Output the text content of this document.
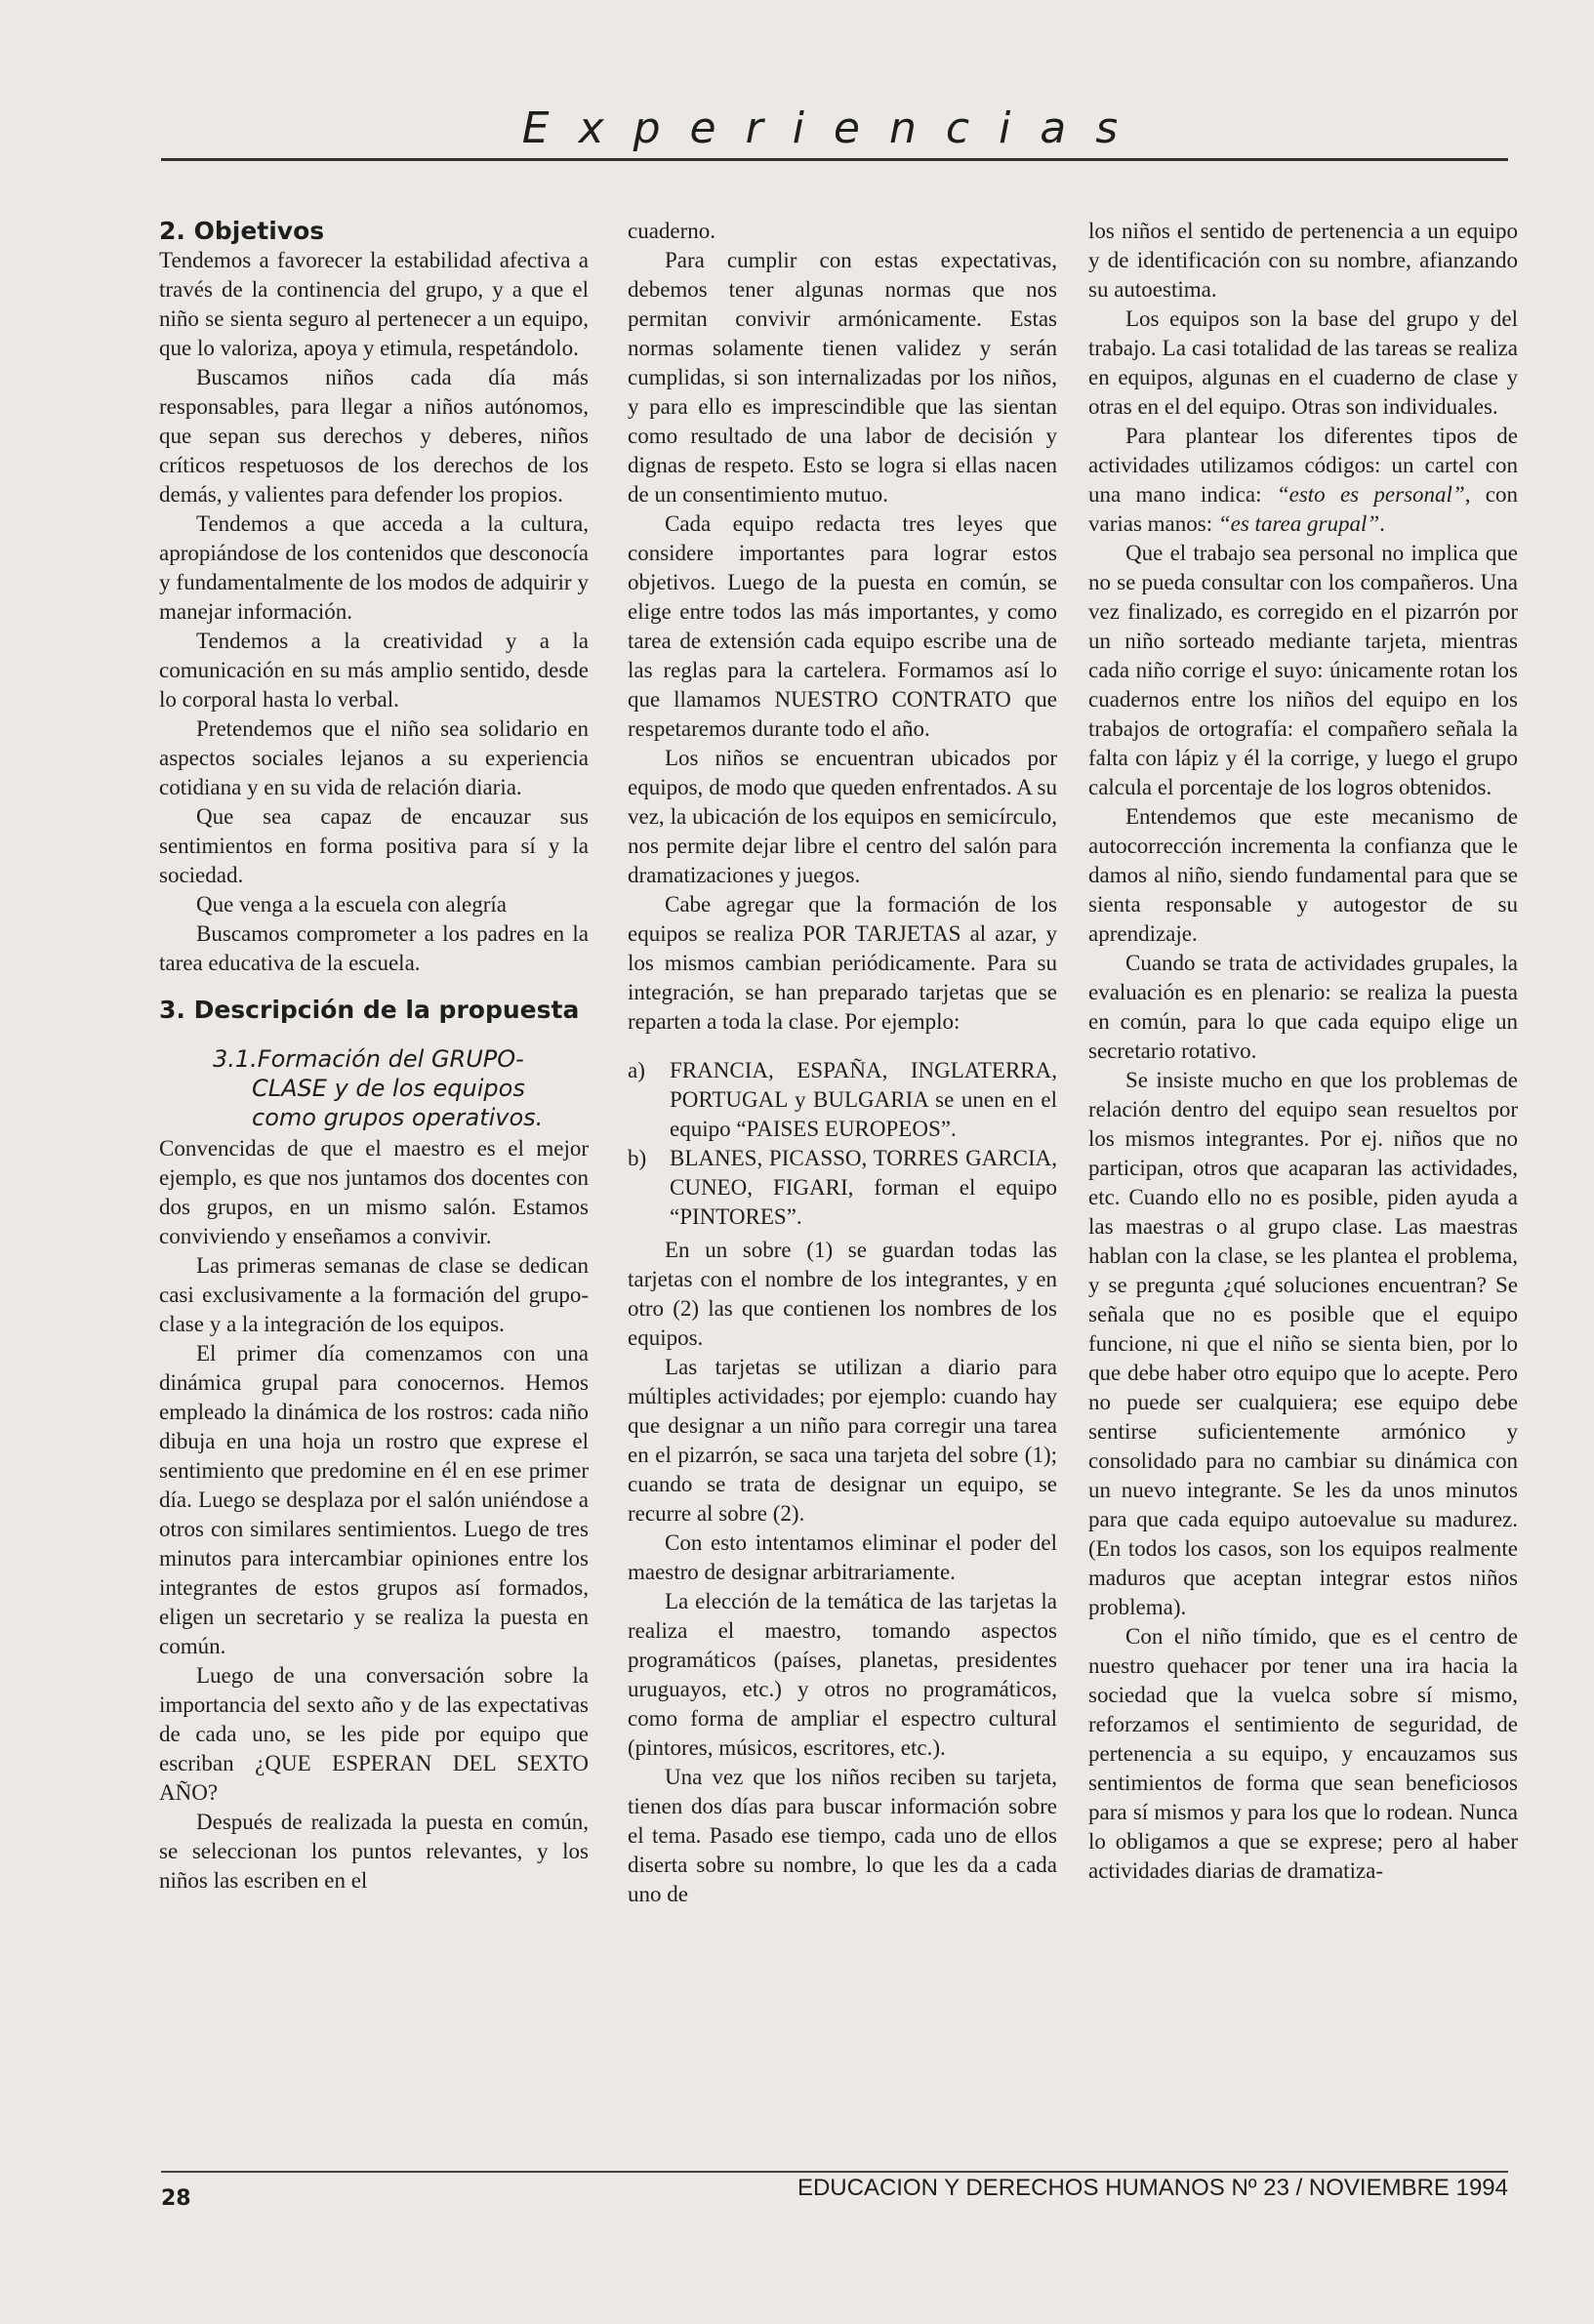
Experiencias
2. Objetivos

Tendemos a favorecer la estabilidad afectiva a través de la continencia del grupo, y a que el niño se sienta seguro al pertenecer a un equipo, que lo valoriza, apoya y etimula, respetándolo.

Buscamos niños cada día más responsables, para llegar a niños autónomos, que sepan sus derechos y deberes, niños críticos respetuosos de los derechos de los demás, y valientes para defender los propios.

Tendemos a que acceda a la cultura, apropiándose de los contenidos que desconocía y fundamentalmente de los modos de adquirir y manejar información.

Tendemos a la creatividad y a la comunicación en su más amplio sentido, desde lo corporal hasta lo verbal.

Pretendemos que el niño sea solidario en aspectos sociales lejanos a su experiencia cotidiana y en su vida de relación diaria.

Que sea capaz de encauzar sus sentimientos en forma positiva para sí y la sociedad.

Que venga a la escuela con alegría

Buscamos comprometer a los padres en la tarea educativa de la escuela.

3. Descripción de la propuesta
3.1.Formación del GRUPO-
CLASE y de los equipos
como grupos operativos.

Convencidas de que el maestro es el mejor ejemplo, es que nos juntamos dos docentes con dos grupos, en un mismo salón. Estamos conviviendo y enseñamos a convivir.

Las primeras semanas de clase se dedican casi exclusivamente a la formación del grupo-clase y a la integración de los equipos.

El primer día comenzamos con una dinámica grupal para conocernos. Hemos empleado la dinámica de los rostros: cada niño dibuja en una hoja un rostro que exprese el sentimiento que predomine en él en ese primer día. Luego se desplaza por el salón uniéndose a otros con similares sentimientos. Luego de tres minutos para intercambiar opiniones entre los integrantes de estos grupos así formados, eligen un secretario y se realiza la puesta en común.

Luego de una conversación sobre la importancia del sexto año y de las expectativas de cada uno, se les pide por equipo que escriban ¿QUE ESPERAN DEL SEXTO AÑO?

Después de realizada la puesta en común, se seleccionan los puntos relevantes, y los niños las escriben en el

cuaderno.

Para cumplir con estas expectativas, debemos tener algunas normas que nos permitan convivir armónicamente. Estas normas solamente tienen validez y serán cumplidas, si son internalizadas por los niños, y para ello es imprescindible que las sientan como resultado de una labor de decisión y dignas de respeto. Esto se logra si ellas nacen de un consentimiento mutuo.

Cada equipo redacta tres leyes que considere importantes para lograr estos objetivos. Luego de la puesta en común, se elige entre todos las más importantes, y como tarea de extensión cada equipo escribe una de las reglas para la cartelera. Formamos así lo que llamamos NUESTRO CONTRATO que respetaremos durante todo el año.

Los niños se encuentran ubicados por equipos, de modo que queden enfrentados. A su vez, la ubicación de los equipos en semicírculo, nos permite dejar libre el centro del salón para dramatizaciones y juegos.

Cabe agregar que la formación de los equipos se realiza POR TARJETAS al azar, y los mismos cambian periódicamente. Para su integración, se han preparado tarjetas que se reparten a toda la clase. Por ejemplo:

a) FRANCIA, ESPAÑA, INGLATERRA, PORTUGAL y BULGARIA se unen en el equipo “PAISES EUROPEOS”.
b) BLANES, PICASSO, TORRES GARCIA, CUNEO, FIGARI, forman el equipo “PINTORES”.

En un sobre (1) se guardan todas las tarjetas con el nombre de los integrantes, y en otro (2) las que contienen los nombres de los equipos.

Las tarjetas se utilizan a diario para múltiples actividades; por ejemplo: cuando hay que designar a un niño para corregir una tarea en el pizarrón, se saca una tarjeta del sobre (1); cuando se trata de designar un equipo, se recurre al sobre (2).

Con esto intentamos eliminar el poder del maestro de designar arbitrariamente.

La elección de la temática de las tarjetas la realiza el maestro, tomando aspectos programáticos (países, planetas, presidentes uruguayos, etc.) y otros no programáticos, como forma de ampliar el espectro cultural (pintores, músicos, escritores, etc.).

Una vez que los niños reciben su tarjeta, tienen dos días para buscar información sobre el tema. Pasado ese tiempo, cada uno de ellos diserta sobre su nombre, lo que les da a cada uno de

los niños el sentido de pertenencia a un equipo y de identificación con su nombre, afianzando su autoestima.

Los equipos son la base del grupo y del trabajo. La casi totalidad de las tareas se realiza en equipos, algunas en el cuaderno de clase y otras en el del equipo. Otras son individuales.

Para plantear los diferentes tipos de actividades utilizamos códigos: un cartel con una mano indica: “esto es personal”, con varias manos: “es tarea grupal”.

Que el trabajo sea personal no implica que no se pueda consultar con los compañeros. Una vez finalizado, es corregido en el pizarrón por un niño sorteado mediante tarjeta, mientras cada niño corrige el suyo: únicamente rotan los cuadernos entre los niños del equipo en los trabajos de ortografía: el compañero señala la falta con lápiz y él la corrige, y luego el grupo calcula el porcentaje de los logros obtenidos.

Entendemos que este mecanismo de autocorrección incrementa la confianza que le damos al niño, siendo fundamental para que se sienta responsable y autogestor de su aprendizaje.

Cuando se trata de actividades grupales, la evaluación es en plenario: se realiza la puesta en común, para lo que cada equipo elige un secretario rotativo.

Se insiste mucho en que los problemas de relación dentro del equipo sean resueltos por los mismos integrantes. Por ej. niños que no participan, otros que acaparan las actividades, etc. Cuando ello no es posible, piden ayuda a las maestras o al grupo clase. Las maestras hablan con la clase, se les plantea el problema, y se pregunta ¿qué soluciones encuentran? Se señala que no es posible que el equipo funcione, ni que el niño se sienta bien, por lo que debe haber otro equipo que lo acepte. Pero no puede ser cualquiera; ese equipo debe sentirse suficientemente armónico y consolidado para no cambiar su dinámica con un nuevo integrante. Se les da unos minutos para que cada equipo autoevalue su madurez. (En todos los casos, son los equipos realmente maduros que aceptan integrar estos niños problema).

Con el niño tímido, que es el centro de nuestro quehacer por tener una ira hacia la sociedad que la vuelca sobre sí mismo, reforzamos el sentimiento de seguridad, de pertenencia a su equipo, y encauzamos sus sentimientos de forma que sean beneficiosos para sí mismos y para los que lo rodean. Nunca lo obligamos a que se exprese; pero al haber actividades diarias de dramatiza-

28	EDUCACION Y DERECHOS HUMANOS Nº 23 / NOVIEMBRE 1994
